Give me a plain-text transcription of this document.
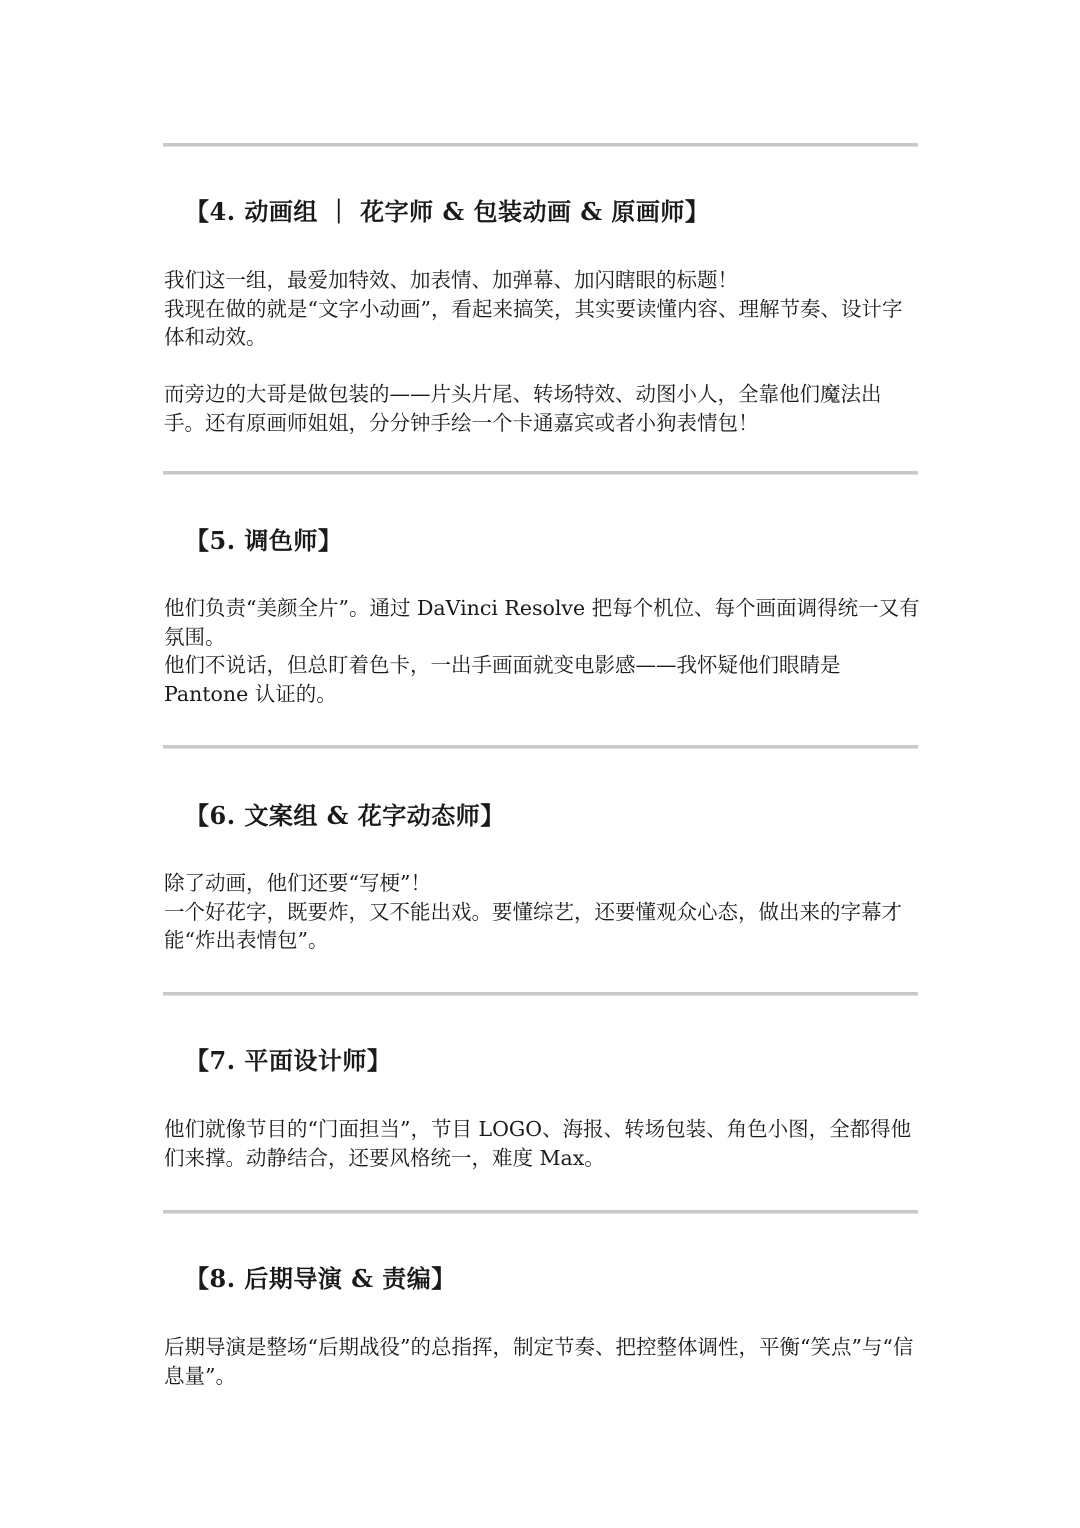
【4. 动画组 ｜ 花字师 & 包装动画 & 原画师】

我们这一组，最爱加特效、加表情、加弹幕、加闪瞎眼的标题！

我现在做的就是“文字小动画”，看起来搞笑，其实要读懂内容、理解节奏、设计字体和动效。

而旁边的大哥是做包装的——片头片尾、转场特效、动图小人，全靠他们魔法出手。还有原画师姐姐，分分钟手绘一个卡通嘉宾或者小狗表情包！

【5. 调色师】

他们负责“美颜全片”。通过 DaVinci Resolve 把每个机位、每个画面调得统一又有氛围。

他们不说话，但总盯着色卡，一出手画面就变电影感——我怀疑他们眼睛是 Pantone 认证的。

【6. 文案组 & 花字动态师】

除了动画，他们还要“写梗”！

一个好花字，既要炸，又不能出戏。要懂综艺，还要懂观众心态，做出来的字幕才能“炸出表情包”。

【7. 平面设计师】

他们就像节目的“门面担当”，节目 LOGO、海报、转场包装、角色小图，全都得他们来撑。动静结合，还要风格统一，难度 Max。

【8. 后期导演 & 责编】

后期导演是整场“后期战役”的总指挥，制定节奏、把控整体调性，平衡“笑点”与“信息量”。
